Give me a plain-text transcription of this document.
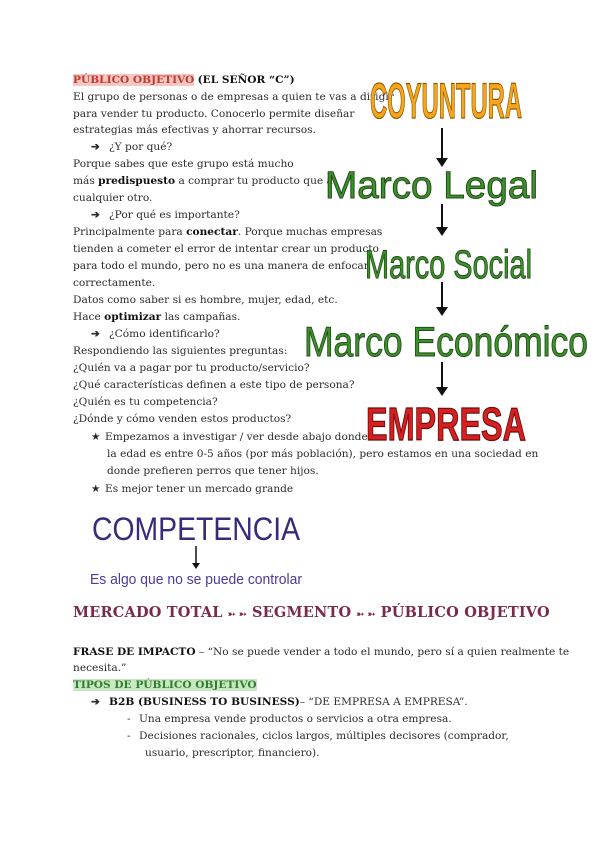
PÚBLICO OBJETIVO (EL SEÑOR “C”)
El grupo de personas o de empresas a quien te vas a dirigir
para vender tu producto. Conocerlo permite diseñar
estrategias más efectivas y ahorrar recursos.
➔ ¿Y por qué?
Porque sabes que este grupo está mucho
más predispuesto a comprar tu producto que a
cualquier otro.
➔ ¿Por qué es importante?
Principalmente para conectar. Porque muchas empresas
tienden a cometer el error de intentar crear un producto
para todo el mundo, pero no es una manera de enfocar
correctamente.
Datos como saber si es hombre, mujer, edad, etc.
Hace optimizar las campañas.
➔ ¿Cómo identificarlo?
Respondiendo las siguientes preguntas:
¿Quién va a pagar por tu producto/servicio?
¿Qué características definen a este tipo de persona?
¿Quién es tu competencia?
¿Dónde y cómo venden estos productos?
★ Empezamos a investigar / ver desde abajo donde
la edad es entre 0-5 años (por más población), pero estamos en una sociedad en
donde prefieren perros que tener hijos.
★ Es mejor tener un mercado grande
COYUNTURA
Marco Legal
Marco Social
Marco Económico
EMPRESA
COMPETENCIA
Es algo que no se puede controlar
MERCADO TOTAL ➳ ➳ SEGMENTO ➳ ➳ PÚBLICO OBJETIVO
FRASE DE IMPACTO – “No se puede vender a todo el mundo, pero sí a quien realmente te
necesita.”
TIPOS DE PÚBLICO OBJETIVO
➔ B2B (BUSINESS TO BUSINESS)– “DE EMPRESA A EMPRESA”.
- Una empresa vende productos o servicios a otra empresa.
- Decisiones racionales, ciclos largos, múltiples decisores (comprador,
usuario, prescriptor, financiero).
